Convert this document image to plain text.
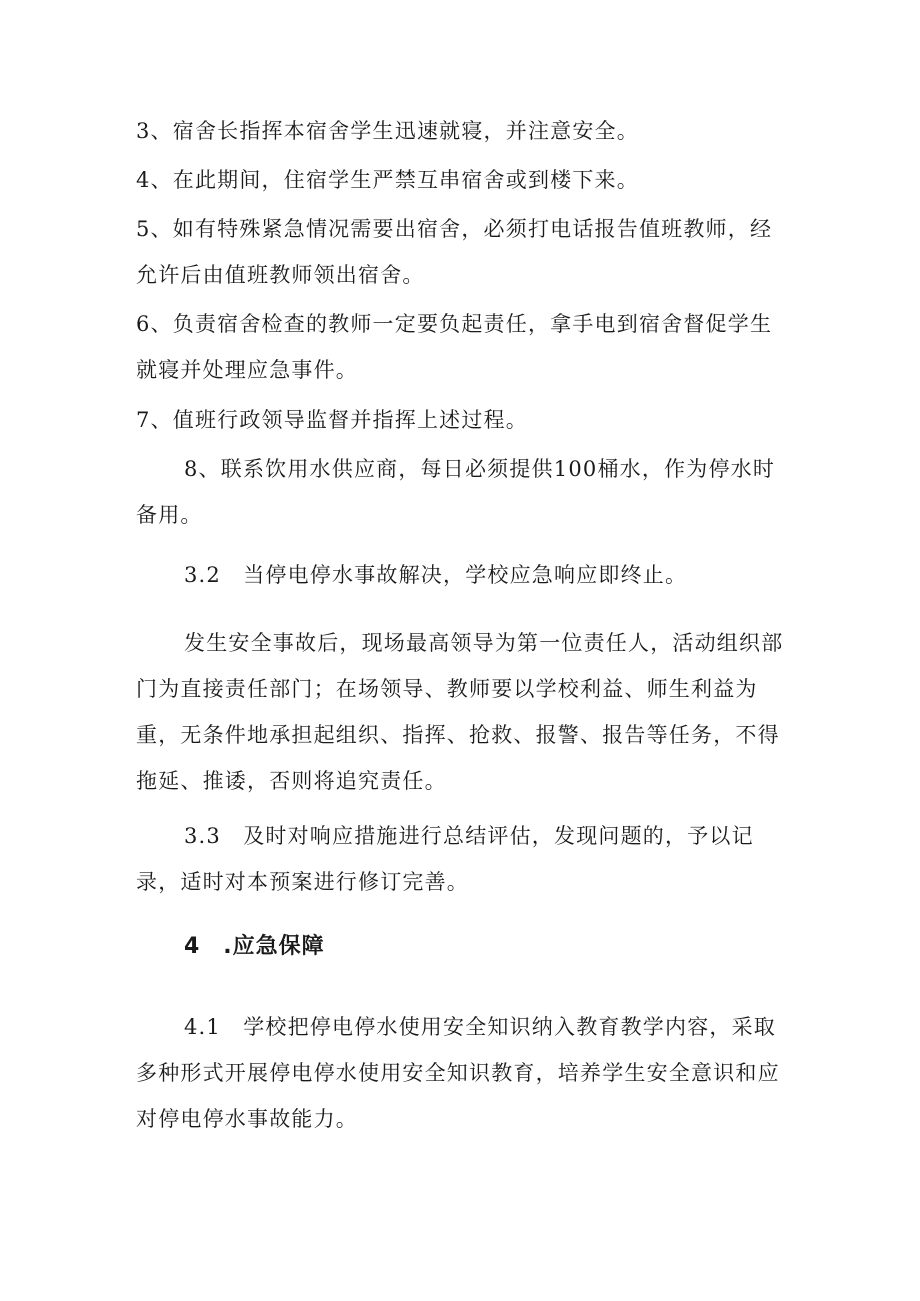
3、宿舍长指挥本宿舍学生迅速就寝，并注意安全。

4、在此期间，住宿学生严禁互串宿舍或到楼下来。

5、如有特殊紧急情况需要出宿舍，必须打电话报告值班教师，经允许后由值班教师领出宿舍。

6、负责宿舍检查的教师一定要负起责任，拿手电到宿舍督促学生就寝并处理应急事件。

7、值班行政领导监督并指挥上述过程。

8、联系饮用水供应商，每日必须提供100桶水，作为停水时备用。

3.2　当停电停水事故解决，学校应急响应即终止。

发生安全事故后，现场最高领导为第一位责任人，活动组织部门为直接责任部门；在场领导、教师要以学校利益、师生利益为重，无条件地承担起组织、指挥、抢救、报警、报告等任务，不得拖延、推诿，否则将追究责任。

3.3　及时对响应措施进行总结评估，发现问题的，予以记录，适时对本预案进行修订完善。

4　.应急保障

4.1　学校把停电停水使用安全知识纳入教育教学内容，采取多种形式开展停电停水使用安全知识教育，培养学生安全意识和应对停电停水事故能力。
